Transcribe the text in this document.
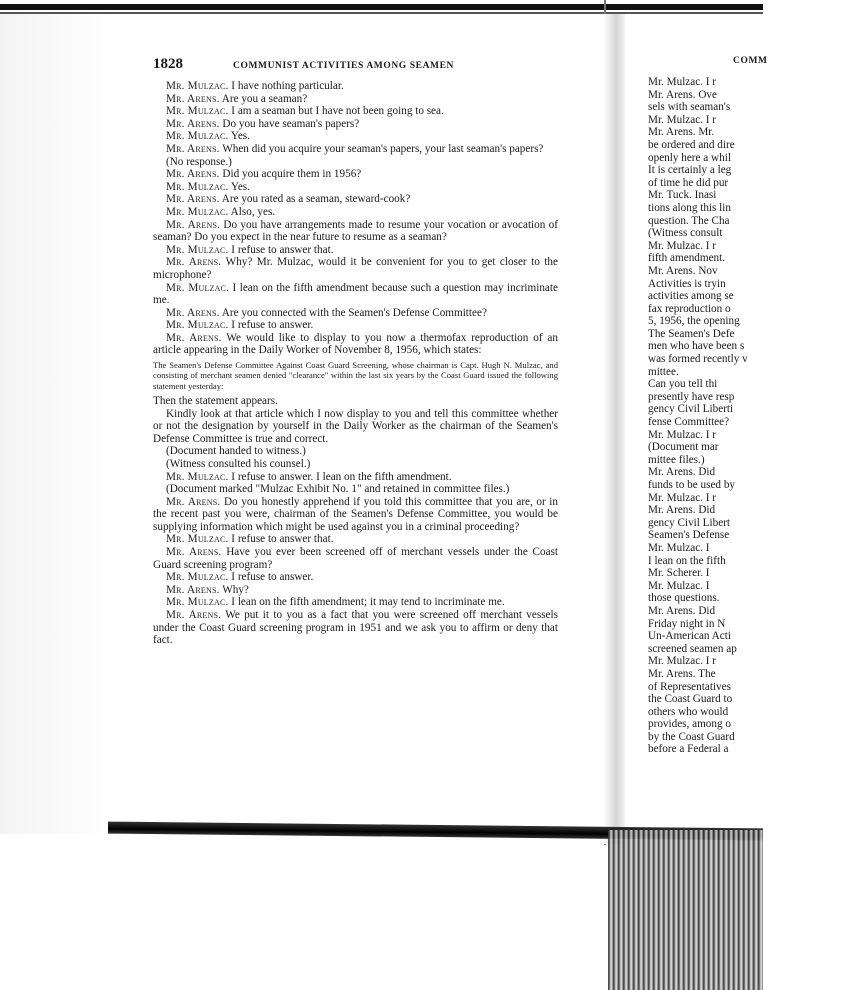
1828	COMMUNIST ACTIVITIES AMONG SEAMEN

Mr. Mulzac. I have nothing particular.

Mr. Arens. Are you a seaman?

Mr. Mulzac. I am a seaman but I have not been going to sea.

Mr. Arens. Do you have seaman's papers?

Mr. Mulzac. Yes.

Mr. Arens. When did you acquire your seaman's papers, your last seaman's papers?

(No response.)

Mr. Arens. Did you acquire them in 1956?

Mr. Mulzac. Yes.

Mr. Arens. Are you rated as a seaman, steward-cook?

Mr. Mulzac. Also, yes.

Mr. Arens. Do you have arrangements made to resume your vocation or avocation of seaman? Do you expect in the near future to resume as a seaman?

Mr. Mulzac. I refuse to answer that.

Mr. Arens. Why? Mr. Mulzac, would it be convenient for you to get closer to the microphone?

Mr. Mulzac. I lean on the fifth amendment because such a question may incriminate me.

Mr. Arens. Are you connected with the Seamen's Defense Committee?

Mr. Mulzac. I refuse to answer.

Mr. Arens. We would like to display to you now a thermofax reproduction of an article appearing in the Daily Worker of November 8, 1956, which states:

The Seamen's Defense Committee Against Coast Guard Screening, whose chairman is Capt. Hugh N. Mulzac, and consisting of merchant seamen denied "clearance" within the last six years by the Coast Guard issued the following statement yesterday:

Then the statement appears.

Kindly look at that article which I now display to you and tell this committee whether or not the designation by yourself in the Daily Worker as the chairman of the Seamen's Defense Committee is true and correct.

(Document handed to witness.)

(Witness consulted his counsel.)

Mr. Mulzac. I refuse to answer. I lean on the fifth amendment.

(Document marked "Mulzac Exhibit No. 1" and retained in committee files.)

Mr. Arens. Do you honestly apprehend if you told this committee that you are, or in the recent past you were, chairman of the Seamen's Defense Committee, you would be supplying information which might be used against you in a criminal proceeding?

Mr. Mulzac. I refuse to answer that.

Mr. Arens. Have you ever been screened off of merchant vessels under the Coast Guard screening program?

Mr. Mulzac. I refuse to answer.

Mr. Arens. Why?

Mr. Mulzac. I lean on the fifth amendment; it may tend to incriminate me.

Mr. Arens. We put it to you as a fact that you were screened off merchant vessels under the Coast Guard screening program in 1951 and we ask you to affirm or deny that fact.

COMM

Mr. Mulzac. I r

Mr. Arens. Ove

sels with seaman's

Mr. Mulzac. I r

Mr. Arens. Mr.

be ordered and dire

openly here a whil

It is certainly a leg

of time he did pur

Mr. Tuck. Inasi

tions along this lin

question. The Cha

(Witness consult

Mr. Mulzac. I r

fifth amendment.

Mr. Arens. Nov

Activities is tryin

activities among se

fax reproduction o

5, 1956, the opening

The Seamen's Defe

men who have been s

was formed recently v

mittee.

Can you tell thi

presently have resp

gency Civil Liberti

fense Committee?

Mr. Mulzac. I r

(Document mar

mittee files.)

Mr. Arens. Did

funds to be used by

Mr. Mulzac. I r

Mr. Arens. Did

gency Civil Libert

Seamen's Defense

Mr. Mulzac. I

I lean on the fifth

Mr. Scherer. I

Mr. Mulzac. I

those questions.

Mr. Arens. Did

Friday night in N

Un-American Acti

screened seamen ap

Mr. Mulzac. I r

Mr. Arens. The

of Representatives

the Coast Guard to

others who would

provides, among o

by the Coast Guard

before a Federal a
